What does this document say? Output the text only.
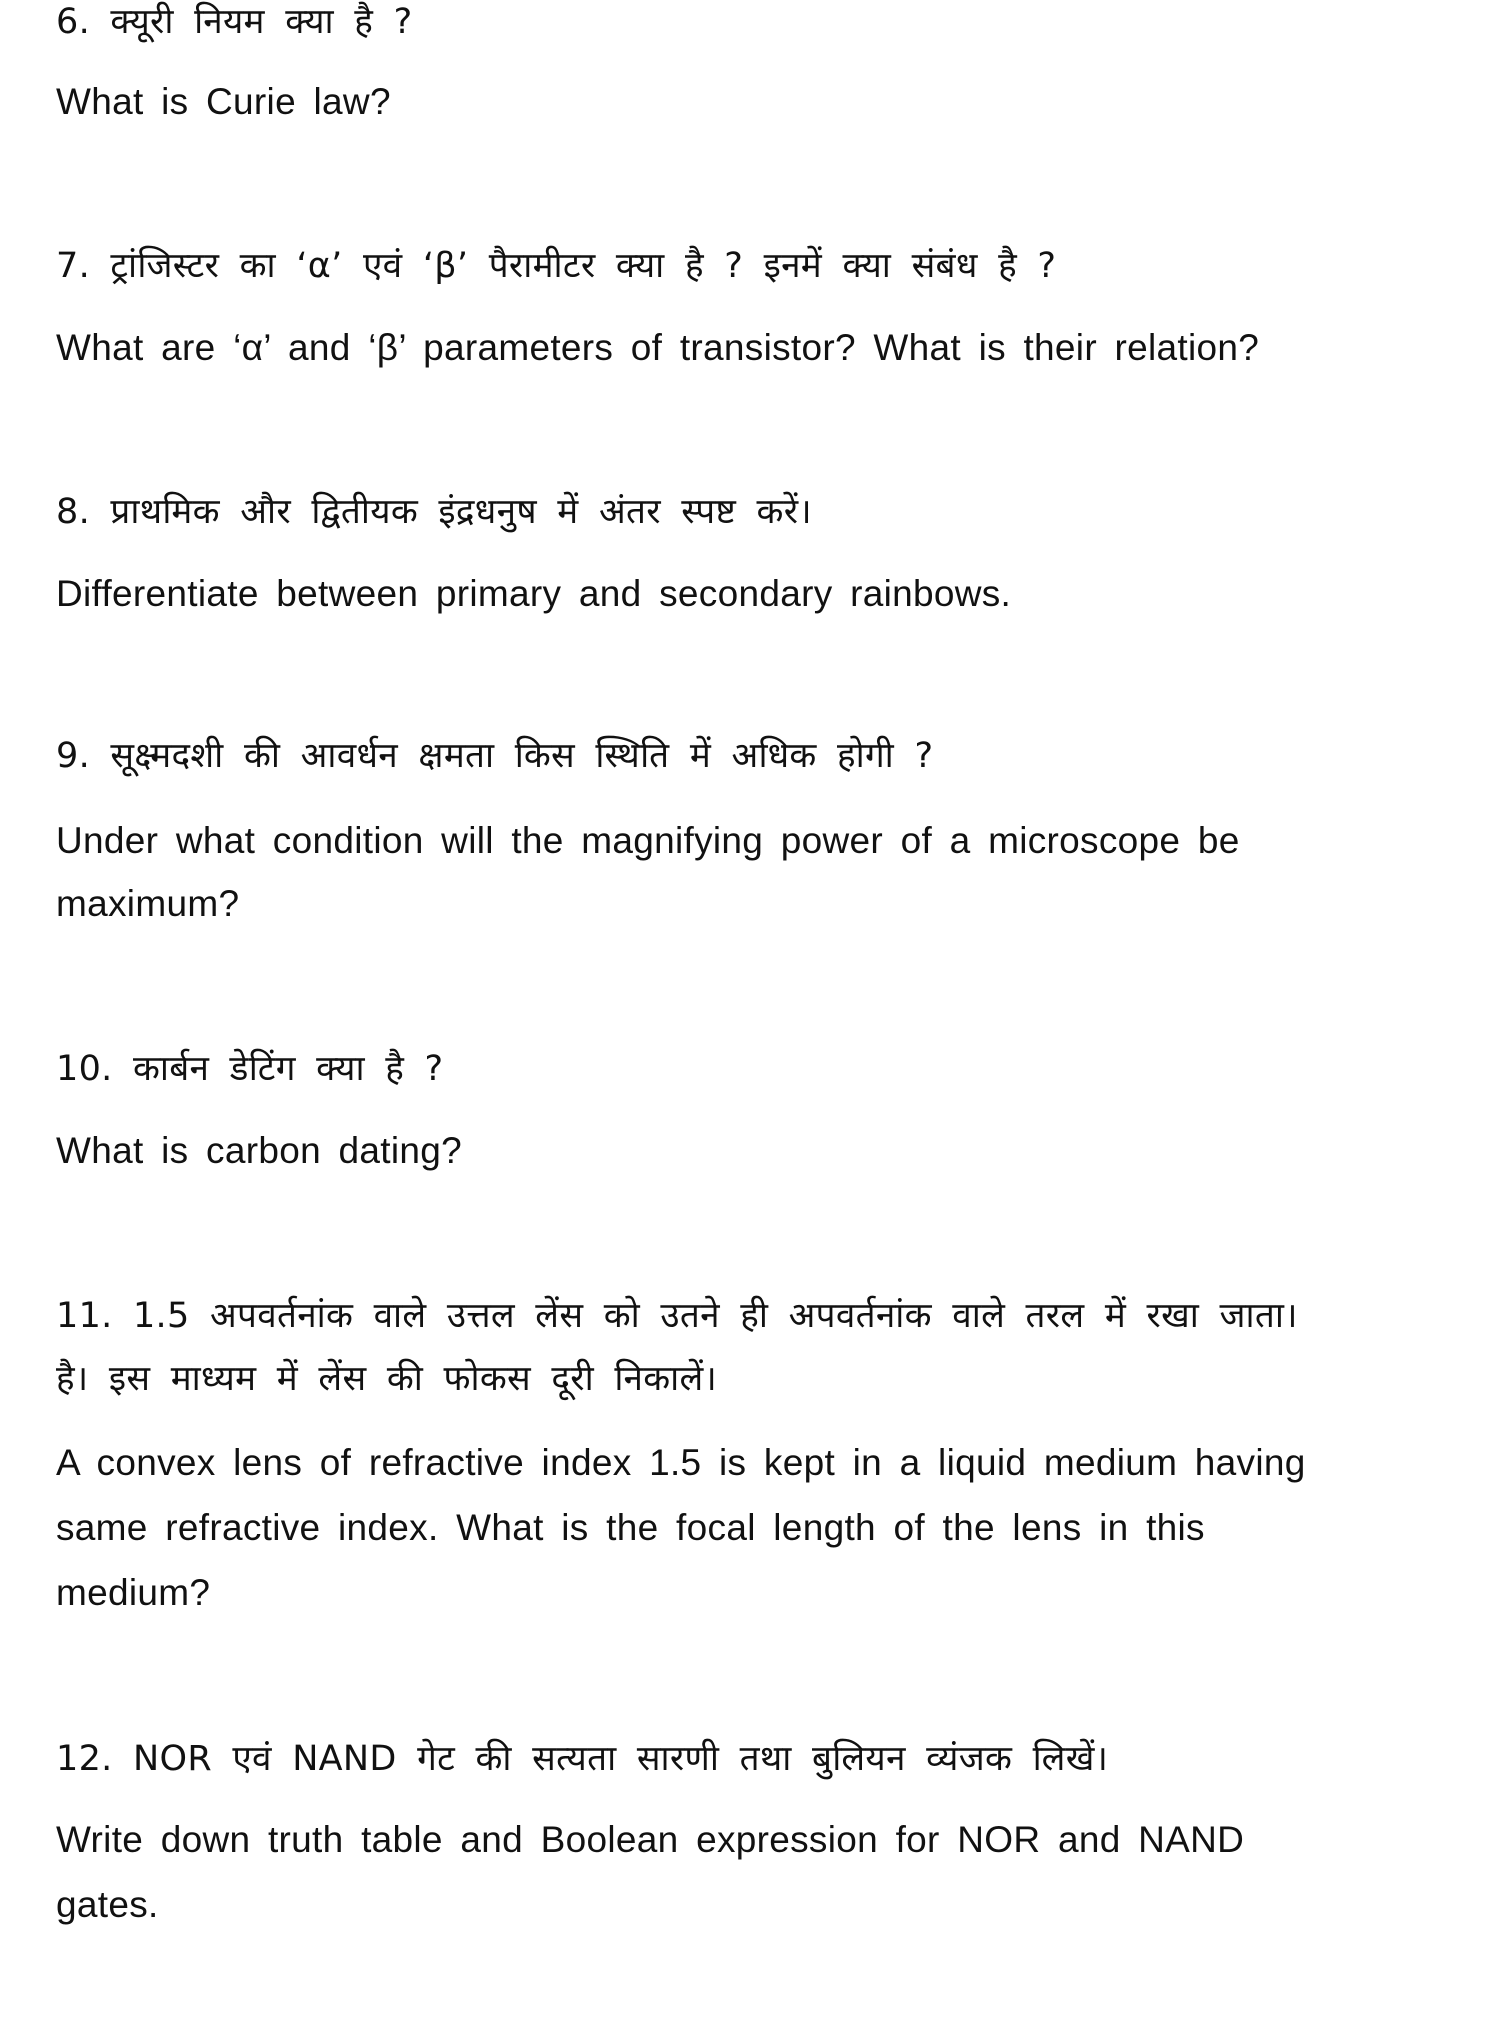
6. क्यूरी नियम क्या है ?
What is Curie law?
7. ट्रांजिस्टर का ‘α’ एवं ‘β’ पैरामीटर क्या है ? इनमें क्या संबंध है ?
What are ‘α’ and ‘β’ parameters of transistor? What is their relation?
8. प्राथमिक और द्वितीयक इंद्रधनुष में अंतर स्पष्ट करें।
Differentiate between primary and secondary rainbows.
9. सूक्ष्मदशी की आवर्धन क्षमता किस स्थिति में अधिक होगी ?
Under what condition will the magnifying power of a microscope be
maximum?
10. कार्बन डेटिंग क्या है ?
What is carbon dating?
11. 1.5 अपवर्तनांक वाले उत्तल लेंस को उतने ही अपवर्तनांक वाले तरल में रखा जाता।
है। इस माध्यम में लेंस की फोकस दूरी निकालें।
A convex lens of refractive index 1.5 is kept in a liquid medium having
same refractive index. What is the focal length of the lens in this
medium?
12. NOR एवं NAND गेट की सत्यता सारणी तथा बुलियन व्यंजक लिखें।
Write down truth table and Boolean expression for NOR and NAND
gates.
